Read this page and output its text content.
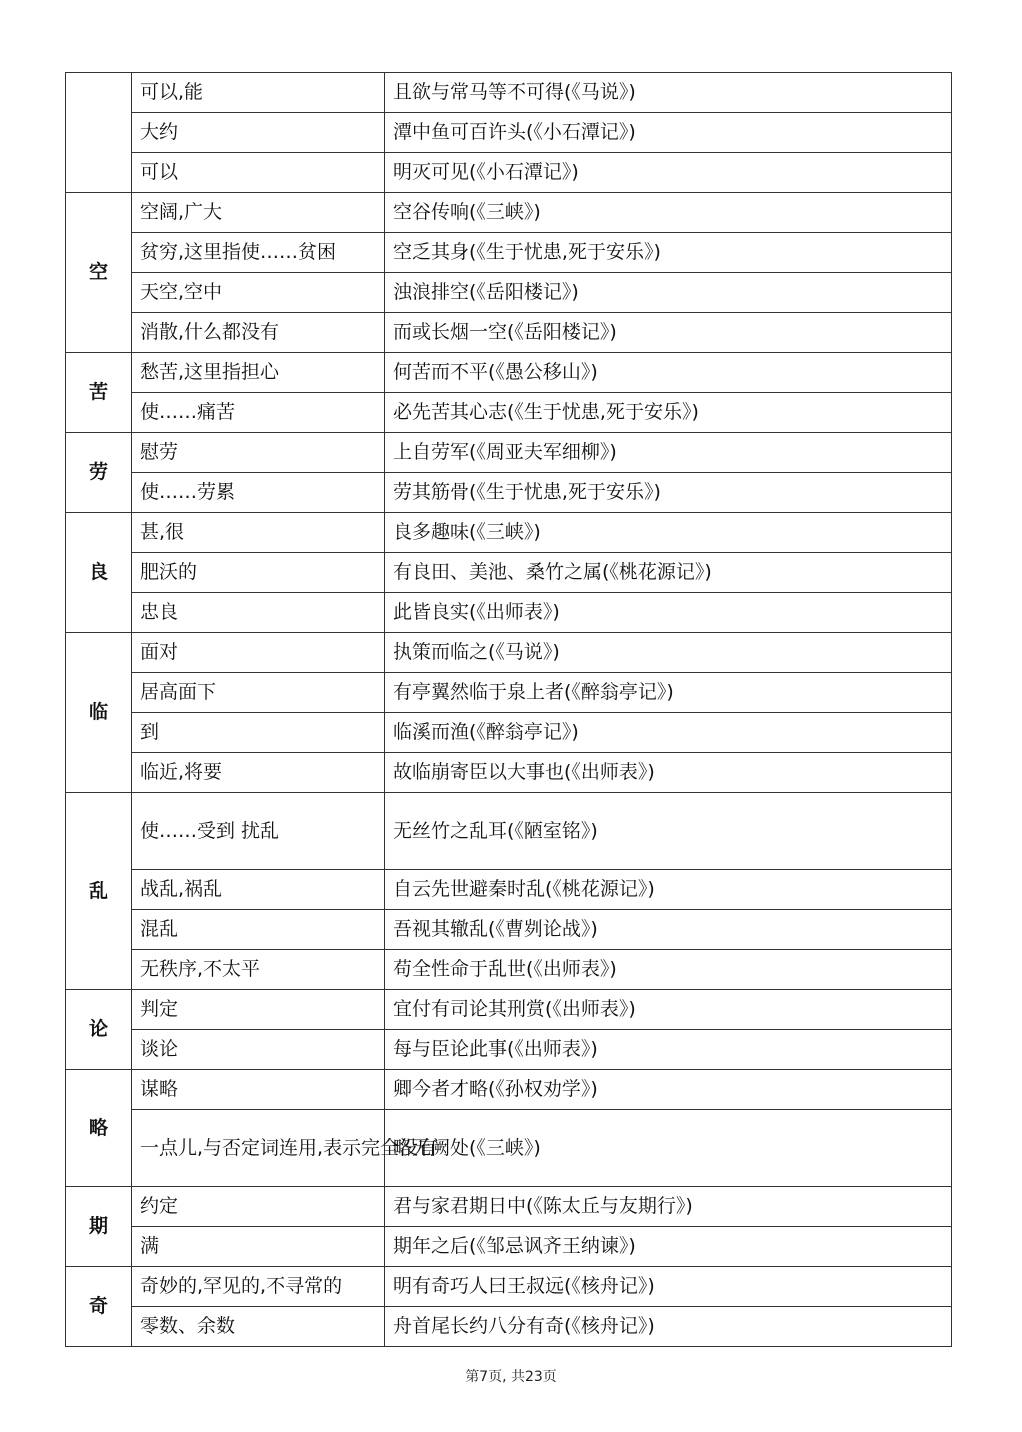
	可以,能	且欲与常马等不可得(《马说》)
	大约	潭中鱼可百许头(《小石潭记》)
	可以	明灭可见(《小石潭记》)
空	空阔,广大	空谷传响(《三峡》)
	贫穷,这里指使……贫困	空乏其身(《生于忧患,死于安乐》)
	天空,空中	浊浪排空(《岳阳楼记》)
	消散,什么都没有	而或长烟一空(《岳阳楼记》)
苦	愁苦,这里指担心	何苦而不平(《愚公移山》)
	使……痛苦	必先苦其心志(《生于忧患,死于安乐》)
劳	慰劳	上自劳军(《周亚夫军细柳》)
	使……劳累	劳其筋骨(《生于忧患,死于安乐》)
良	甚,很	良多趣味(《三峡》)
	肥沃的	有良田、美池、桑竹之属(《桃花源记》)
	忠良	此皆良实(《出师表》)
临	面对	执策而临之(《马说》)
	居高面下	有亭翼然临于泉上者(《醉翁亭记》)
	到	临溪而渔(《醉翁亭记》)
	临近,将要	故临崩寄臣以大事也(《出师表》)
乱	使……受到 扰乱	无丝竹之乱耳(《陋室铭》)
	战乱,祸乱	自云先世避秦时乱(《桃花源记》)
	混乱	吾视其辙乱(《曹刿论战》)
	无秩序,不太平	苟全性命于乱世(《出师表》)
论	判定	宜付有司论其刑赏(《出师表》)
	谈论	每与臣论此事(《出师表》)
略	谋略	卿今者才略(《孙权劝学》)
	一点儿,与否定词连用,表示完全没有	略无阙处(《三峡》)
期	约定	君与家君期日中(《陈太丘与友期行》)
	满	期年之后(《邹忌讽齐王纳谏》)
奇	奇妙的,罕见的,不寻常的	明有奇巧人曰王叔远(《核舟记》)
	零数、余数	舟首尾长约八分有奇(《核舟记》)
第7页, 共23页
